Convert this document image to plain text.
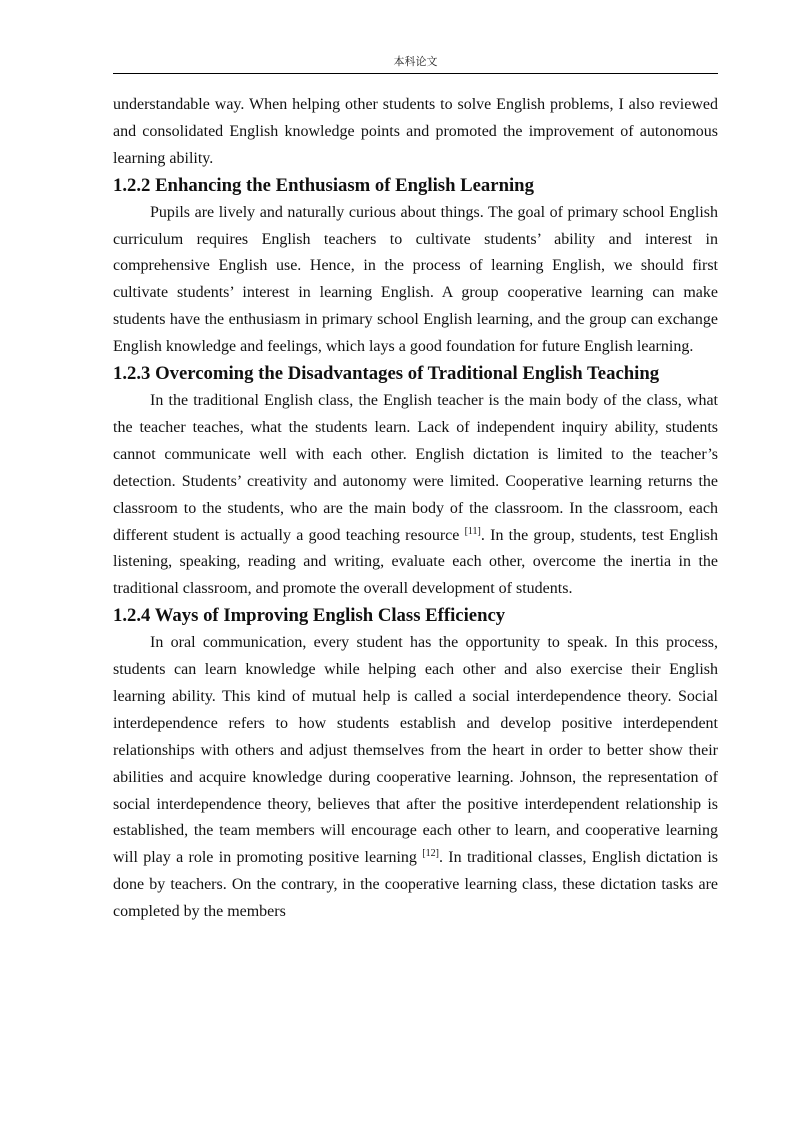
本科论文

understandable way. When helping other students to solve English problems, I also reviewed and consolidated English knowledge points and promoted the improvement of autonomous learning ability.

1.2.2 Enhancing the Enthusiasm of English Learning

Pupils are lively and naturally curious about things. The goal of primary school English curriculum requires English teachers to cultivate students’ ability and interest in comprehensive English use. Hence, in the process of learning English, we should first cultivate students’ interest in learning English. A group cooperative learning can make students have the enthusiasm in primary school English learning, and the group can exchange English knowledge and feelings, which lays a good foundation for future English learning.

1.2.3 Overcoming the Disadvantages of Traditional English Teaching

In the traditional English class, the English teacher is the main body of the class, what the teacher teaches, what the students learn. Lack of independent inquiry ability, students cannot communicate well with each other. English dictation is limited to the teacher’s detection. Students’ creativity and autonomy were limited. Cooperative learning returns the classroom to the students, who are the main body of the classroom. In the classroom, each different student is actually a good teaching resource [11]. In the group, students, test English listening, speaking, reading and writing, evaluate each other, overcome the inertia in the traditional classroom, and promote the overall development of students.

1.2.4 Ways of Improving English Class Efficiency

In oral communication, every student has the opportunity to speak. In this process, students can learn knowledge while helping each other and also exercise their English learning ability. This kind of mutual help is called a social interdependence theory. Social interdependence refers to how students establish and develop positive interdependent relationships with others and adjust themselves from the heart in order to better show their abilities and acquire knowledge during cooperative learning. Johnson, the representation of social interdependence theory, believes that after the positive interdependent relationship is established, the team members will encourage each other to learn, and cooperative learning will play a role in promoting positive learning [12]. In traditional classes, English dictation is done by teachers. On the contrary, in the cooperative learning class, these dictation tasks are completed by the members
